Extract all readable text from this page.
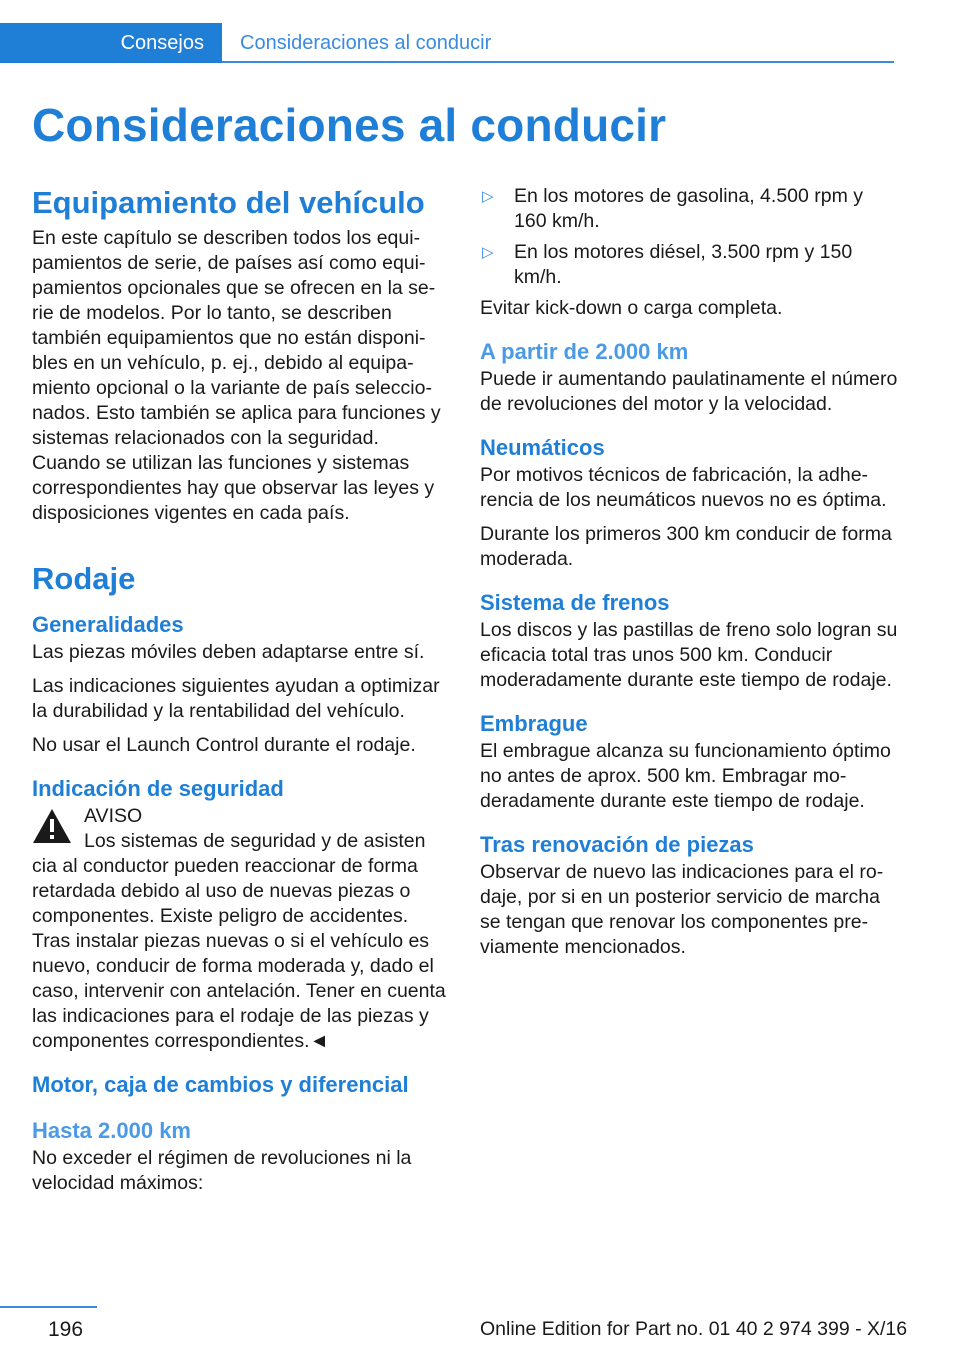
Consejos Consideraciones al conducir
Consideraciones al conducir
Equipamiento del vehículo

En este capítulo se describen todos los equipamientos de serie, de países así como equipamientos opcionales que se ofrecen en la serie de modelos. Por lo tanto, se describen también equipamientos que no están disponibles en un vehículo, p. ej., debido al equipamiento opcional o la variante de país seleccionados. Esto también se aplica para funciones y sistemas relacionados con la seguridad.

Cuando se utilizan las funciones y sistemas correspondientes hay que observar las leyes y disposiciones vigentes en cada país.

Rodaje
Generalidades

Las piezas móviles deben adaptarse entre sí.

Las indicaciones siguientes ayudan a optimizar la durabilidad y la rentabilidad del vehículo.

No usar el Launch Control durante el rodaje.

Indicación de seguridad

AVISO

Los sistemas de seguridad y de asisten

cia al conductor pueden reaccionar de forma retardada debido al uso de nuevas piezas o componentes. Existe peligro de accidentes. Tras instalar piezas nuevas o si el vehículo es nuevo, conducir de forma moderada y, dado el caso, intervenir con antelación. Tener en cuenta las indicaciones para el rodaje de las piezas y componentes correspondientes.◄

Motor, caja de cambios y diferencial
Hasta 2.000 km

No exceder el régimen de revoluciones ni la velocidad máximos:

▷ En los motores de gasolina, 4.500 rpm y 160 km/h.
▷ En los motores diésel, 3.500 rpm y 150 km/h.

Evitar kick-down o carga completa.

A partir de 2.000 km

Puede ir aumentando paulatinamente el número de revoluciones del motor y la velocidad.

Neumáticos

Por motivos técnicos de fabricación, la adherencia de los neumáticos nuevos no es óptima.

Durante los primeros 300 km conducir de forma moderada.

Sistema de frenos

Los discos y las pastillas de freno solo logran su eficacia total tras unos 500 km. Conducir moderadamente durante este tiempo de rodaje.

Embrague

El embrague alcanza su funcionamiento óptimo no antes de aprox. 500 km. Embragar moderadamente durante este tiempo de rodaje.

Tras renovación de piezas

Observar de nuevo las indicaciones para el rodaje, por si en un posterior servicio de marcha se tengan que renovar los componentes previamente mencionados.

196	Online Edition for Part no. 01 40 2 974 399 - X/16
